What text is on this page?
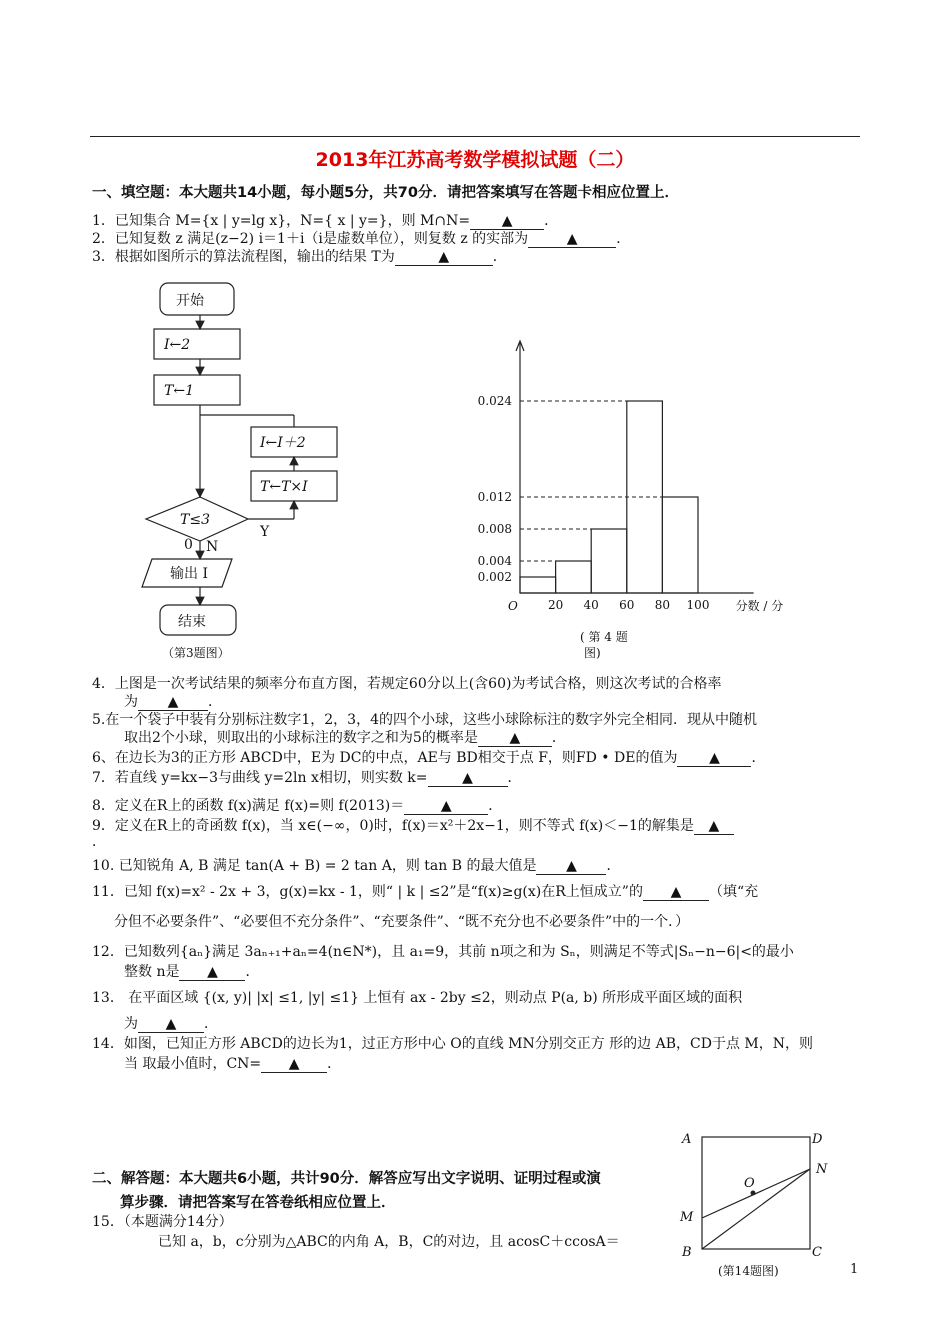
2013年江苏高考数学模拟试题（二）
一、填空题：本大题共14小题，每小题5分，共70分．请把答案填写在答题卡相应位置上．
1．已知集合 M={x | y=lg x}，N={ x | y=}，则 M∩N= ▲ ．
2．已知复数 z 满足(z−2) i＝1＋i（i是虚数单位），则复数 z 的实部为	▲	．
3．根据如图所示的算法流程图，输出的结果 T为	▲	．
开始
I←2
T←1
I←I＋2
T←T×I
T≤3
0
Y
N
输出 I
结束
（第3题图）
0.002
0.004
0.008
0.012
0.024
20 40 60 80 100
O	分数 / 分
( 第 4 题
图)
4．上图是一次考试结果的频率分布直方图，若规定60分以上(含60)为考试合格，则这次考试的合格率
为 ▲ ．
5.在一个袋子中装有分别标注数字1，2，3，4的四个小球，这些小球除标注的数字外完全相同．现从中随机
取出2个小球，则取出的小球标注的数字之和为5的概率是 ▲ ．
6、在边长为3的正方形 ABCD中，E为 DC的中点，AE与 BD相交于点 F，则FD • DE的值为 ▲ ．
7．若直线 y=kx−3与曲线 y=2ln x相切，则实数 k= ▲ ．
8．定义在R上的函数 f(x)满足 f(x)=则 f(2013)＝	▲	．
9．定义在R上的奇函数 f(x)，当 x∈(−∞，0)时，f(x)＝x²＋2x−1，则不等式 f(x)＜−1的解集是 ▲
．
10. 已知锐角 A, B 满足 tan(A + B) = 2 tan A，则 tan B 的最大值是 ▲ ．
11．已知 f(x)=x² - 2x + 3，g(x)=kx - 1，则“ | k | ≤2”是“f(x)≥g(x)在R上恒成立”的 ▲ （填“充
分但不必要条件”、“必要但不充分条件”、“充要条件”、“既不充分也不必要条件”中的一个．）
12．已知数列{aₙ}满足 3aₙ₊₁+aₙ=4(n∈N*)，且 a₁=9，其前 n项之和为 Sₙ，则满足不等式|Sₙ−n−6|<的最小
整数 n是 ▲ ．
13． 在平面区域 {(x, y)| |x| ≤1, |y| ≤1} 上恒有 ax - 2by ≤2，则动点 P(a, b) 所形成平面区域的面积
为 ▲ ．
14．如图，已知正方形 ABCD的边长为1，过正方形中心 O的直线 MN分别交正方 形的边 AB，CD于点 M，N，则
当 取最小值时，CN= ▲ ．
二、解答题：本大题共6小题，共计90分．解答应写出文字说明、证明过程或演
算步骤．请把答案写在答卷纸相应位置上．
15．（本题满分14分）
已知 a，b，c分别为△ABC的内角 A，B，C的对边，且 acosC＋ccosA＝
A	D
B	C
M
N
O
(第14题图)	1
